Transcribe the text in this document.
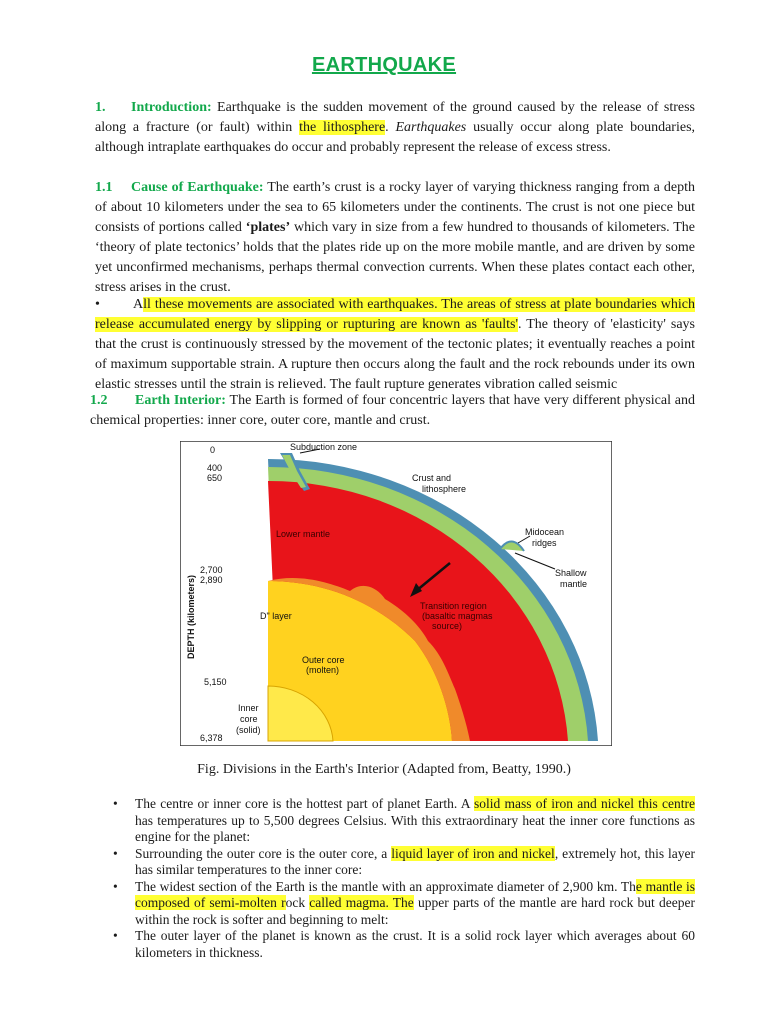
EARTHQUAKE
1. Introduction: Earthquake is the sudden movement of the ground caused by the release of stress along a fracture (or fault) within the lithosphere. Earthquakes usually occur along plate boundaries, although intraplate earthquakes do occur and probably represent the release of excess stress.
1.1 Cause of Earthquake: The earth’s crust is a rocky layer of varying thickness ranging from a depth of about 10 kilometers under the sea to 65 kilometers under the continents. The crust is not one piece but consists of portions called ‘plates’ which vary in size from a few hundred to thousands of kilometers. The ‘theory of plate tectonics’ holds that the plates ride up on the more mobile mantle, and are driven by some yet unconfirmed mechanisms, perhaps thermal convection currents. When these plates contact each other, stress arises in the crust.
• All these movements are associated with earthquakes. The areas of stress at plate boundaries which release accumulated energy by slipping or rupturing are known as 'faults'. The theory of 'elasticity' says that the crust is continuously stressed by the movement of the tectonic plates; it eventually reaches a point of maximum supportable strain. A rupture then occurs along the fault and the rock rebounds under its own elastic stresses until the strain is relieved. The fault rupture generates vibration called seismic
1.2 Earth Interior: The Earth is formed of four concentric layers that have very different physical and chemical properties: inner core, outer core, mantle and crust.
DEPTH (kilometers)
0
400
650
2,700
2,890
5,150
6,378
Subduction zone
Crust and
lithosphere
Midocean
ridges
Shallow
mantle
Lower mantle
D" layer
Transition region
(basaltic magmas
source)
Outer core
(molten)
Inner
core
(solid)
Fig. Divisions in the Earth's Interior (Adapted from, Beatty, 1990.)
• The centre or inner core is the hottest part of planet Earth. A solid mass of iron and nickel this centre has temperatures up to 5,500 degrees Celsius. With this extraordinary heat the inner core functions as engine for the planet:
• Surrounding the outer core is the outer core, a liquid layer of iron and nickel, extremely hot, this layer has similar temperatures to the inner core:
• The widest section of the Earth is the mantle with an approximate diameter of 2,900 km. The mantle is composed of semi-molten rock called magma. The upper parts of the mantle are hard rock but deeper within the rock is softer and beginning to melt:
• The outer layer of the planet is known as the crust. It is a solid rock layer which averages about 60 kilometers in thickness.
